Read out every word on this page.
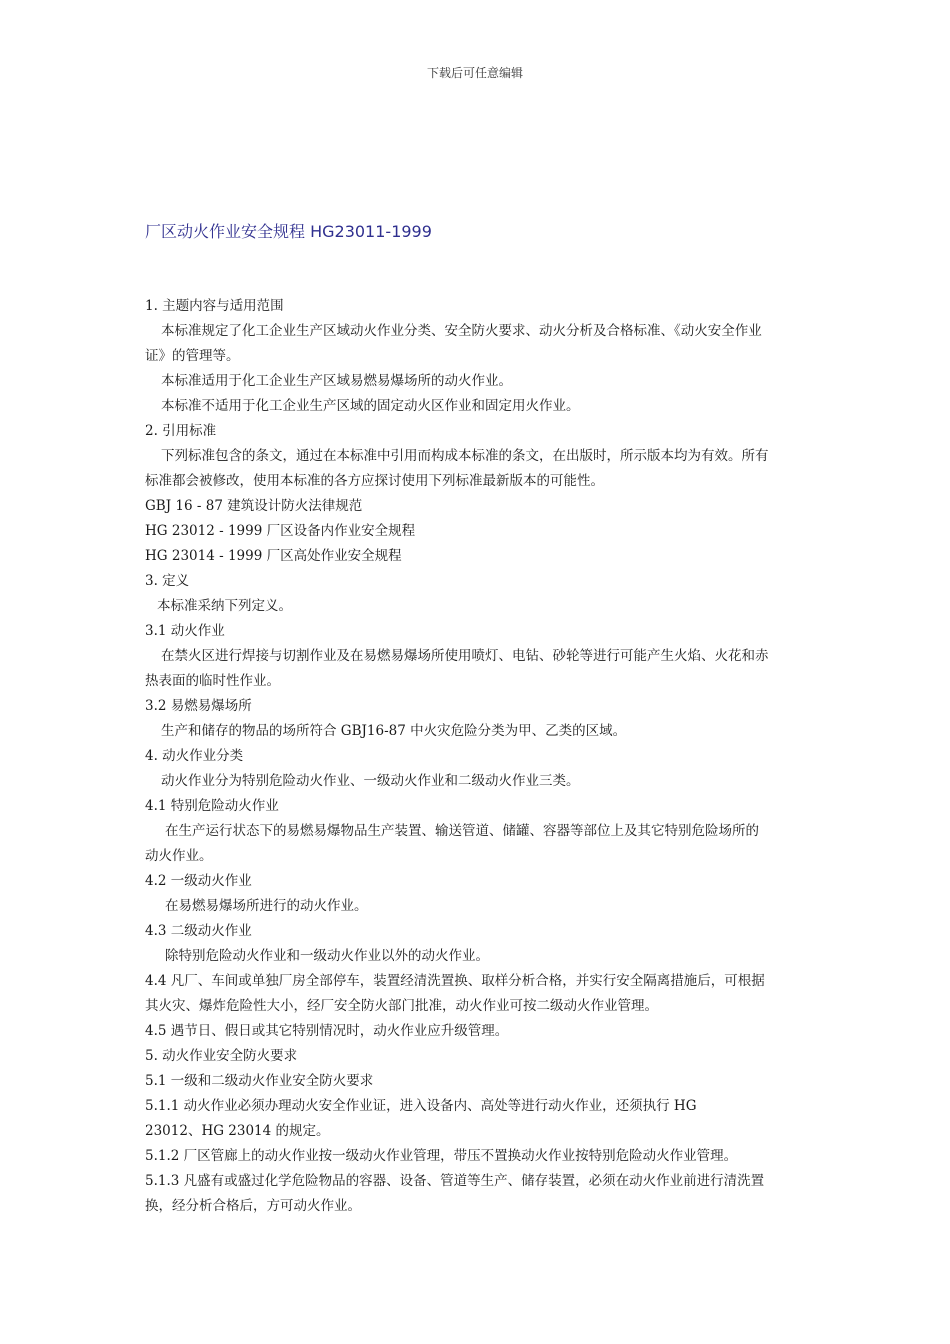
下载后可任意编辑
厂区动火作业安全规程 HG23011-1999
1. 主题内容与适用范围
本标准规定了化工企业生产区域动火作业分类、安全防火要求、动火分析及合格标准、《动火安全作业
证》的管理等。
本标准适用于化工企业生产区域易燃易爆场所的动火作业。
本标准不适用于化工企业生产区域的固定动火区作业和固定用火作业。
2. 引用标准
下列标准包含的条文，通过在本标准中引用而构成本标准的条文，在出版时，所示版本均为有效。所有
标准都会被修改，使用本标准的各方应探讨使用下列标准最新版本的可能性。
GBJ 16 - 87 建筑设计防火法律规范
HG 23012 - 1999 厂区设备内作业安全规程
HG 23014 - 1999 厂区高处作业安全规程
3. 定义
本标准采纳下列定义。
3.1 动火作业
在禁火区进行焊接与切割作业及在易燃易爆场所使用喷灯、电钻、砂轮等进行可能产生火焰、火花和赤
热表面的临时性作业。
3.2 易燃易爆场所
生产和储存的物品的场所符合 GBJ16-87 中火灾危险分类为甲、乙类的区域。
4. 动火作业分类
动火作业分为特别危险动火作业、一级动火作业和二级动火作业三类。
4.1 特别危险动火作业
在生产运行状态下的易燃易爆物品生产装置、输送管道、储罐、容器等部位上及其它特别危险场所的
动火作业。
4.2 一级动火作业
在易燃易爆场所进行的动火作业。
4.3 二级动火作业
除特别危险动火作业和一级动火作业以外的动火作业。
4.4 凡厂、车间或单独厂房全部停车，装置经清洗置换、取样分析合格，并实行安全隔离措施后，可根据
其火灾、爆炸危险性大小，经厂安全防火部门批准，动火作业可按二级动火作业管理。
4.5 遇节日、假日或其它特别情况时，动火作业应升级管理。
5. 动火作业安全防火要求
5.1 一级和二级动火作业安全防火要求
5.1.1 动火作业必须办理动火安全作业证，进入设备内、高处等进行动火作业，还须执行 HG
23012、HG 23014 的规定。
5.1.2 厂区管廊上的动火作业按一级动火作业管理，带压不置换动火作业按特别危险动火作业管理。
5.1.3 凡盛有或盛过化学危险物品的容器、设备、管道等生产、储存装置，必须在动火作业前进行清洗置
换，经分析合格后，方可动火作业。
